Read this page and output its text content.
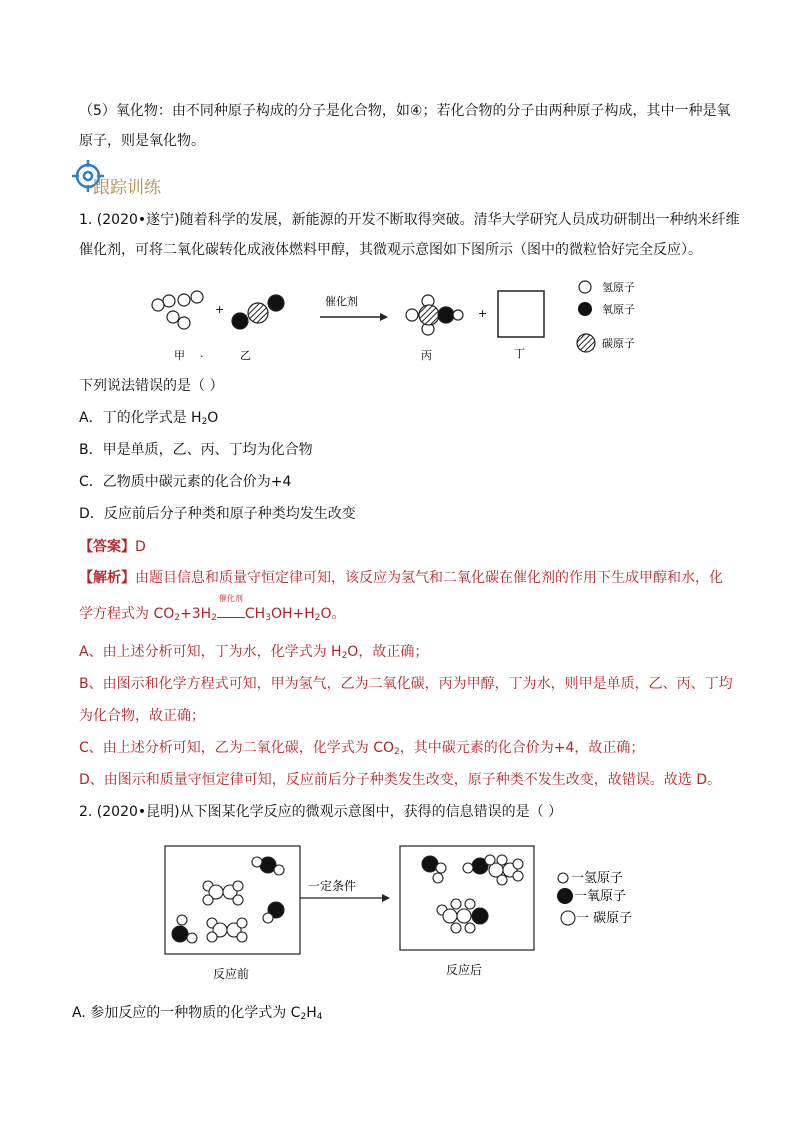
（5）氧化物：由不同种原子构成的分子是化合物，如④；若化合物的分子由两种原子构成，其中一种是氧
原子，则是氧化物。
跟踪训练
1. (2020•遂宁)随着科学的发展，新能源的开发不断取得突破。清华大学研究人员成功研制出一种纳米纤维
催化剂，可将二氧化碳转化成液体燃料甲醇，其微观示意图如下图所示（图中的微粒恰好完全反应）。
+
催化剂
+
甲 .	乙	丙	丁
氢原子
氧原子
碳原子
下列说法错误的是（ ）
A．丁的化学式是 $H_2O$
B．甲是单质，乙、丙、丁均为化合物
C．乙物质中碳元素的化合价为+4
D．反应前后分子种类和原子种类均发生改变
【答案】D
【解析】由题目信息和质量守恒定律可知，该反应为氢气和二氧化碳在催化剂的作用下生成甲醇和水，化
学方程式为 $CO_2+3H_2$
催化剂
$CH_3OH+H_2O$。
A、由上述分析可知，丁为水，化学式为 $H_2O$，故正确；
B、由图示和化学方程式可知，甲为氢气，乙为二氧化碳，丙为甲醇，丁为水，则甲是单质，乙、丙、丁均
为化合物，故正确；
C、由上述分析可知，乙为二氧化碳，化学式为 $CO_2$，其中碳元素的化合价为+4，故正确；
D、由图示和质量守恒定律可知，反应前后分子种类发生改变，原子种类不发生改变，故错误。故选 D。
2. (2020•昆明)从下图某化学反应的微观示意图中，获得的信息错误的是（ ）
一定条件
反应前	反应后
一氢原子
一氧原子
一 碳原子
A. 参加反应的一种物质的化学式为 $C_2H_4$
